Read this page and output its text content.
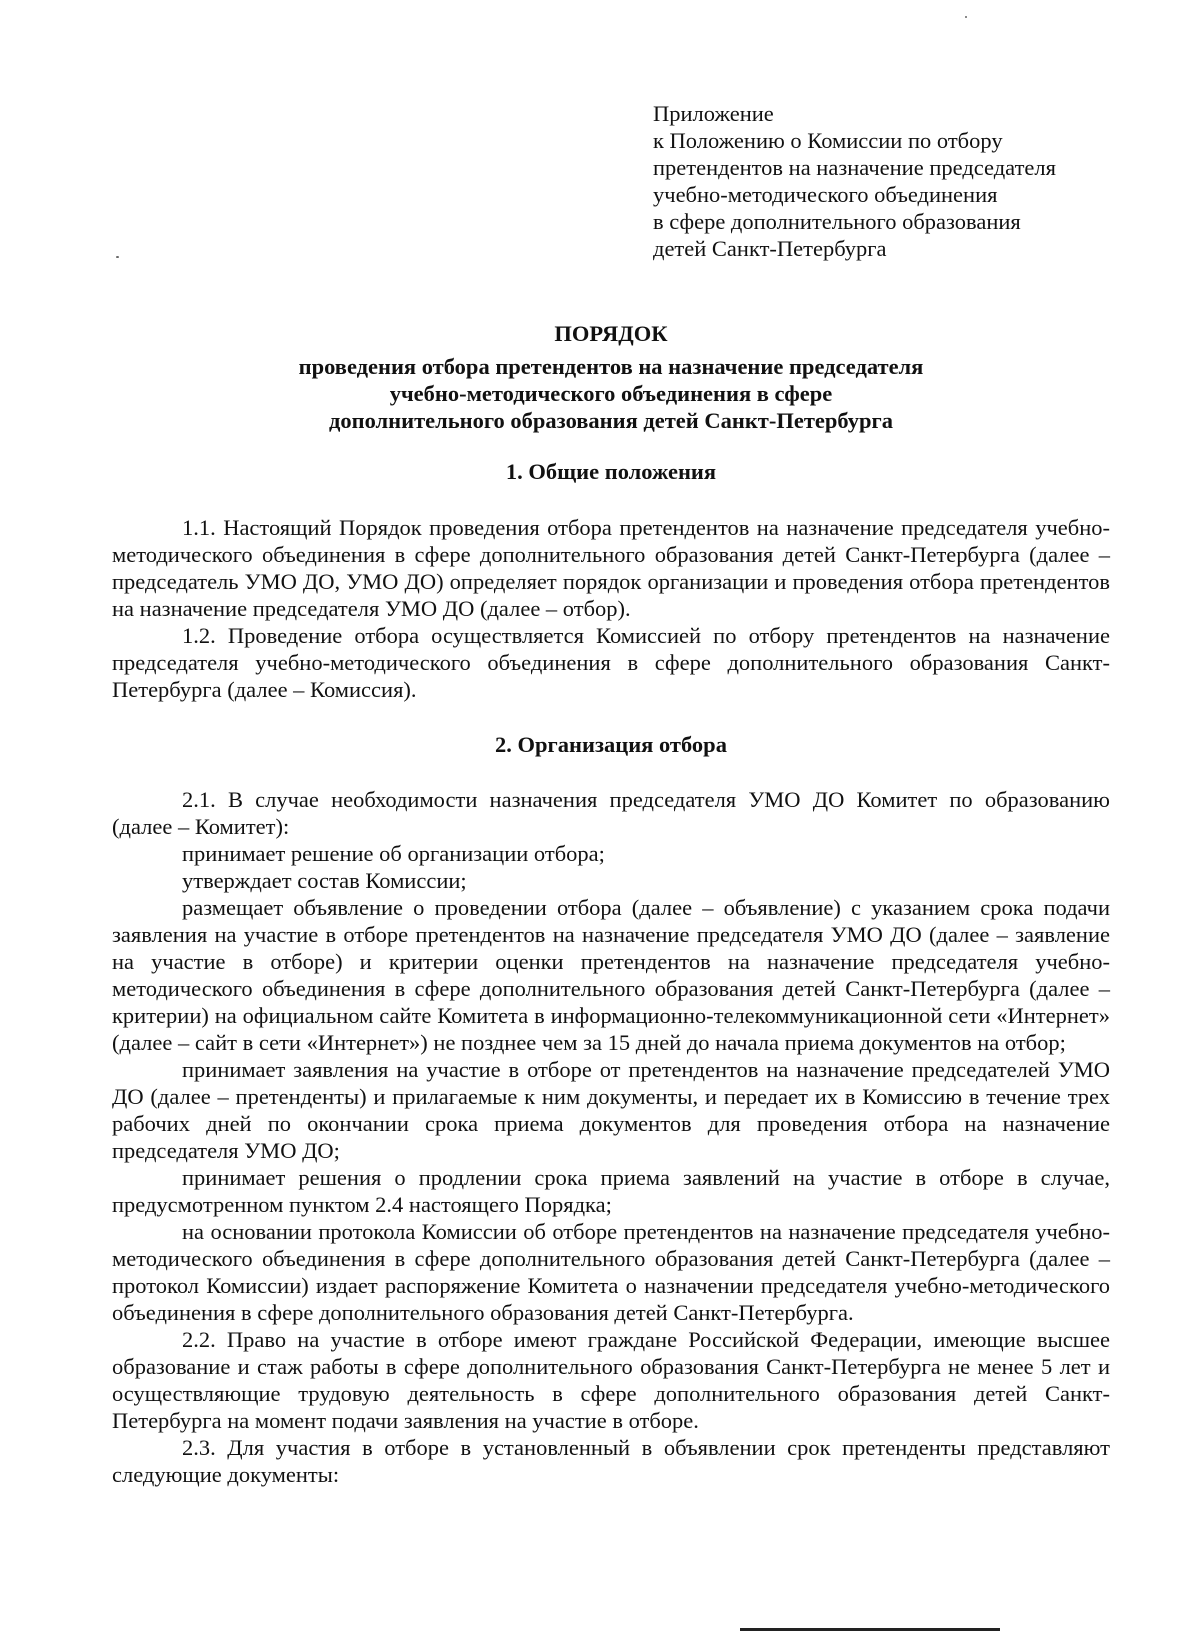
Приложение
к Положению о Комиссии по отбору
претендентов на назначение председателя
учебно-методического объединения
в сфере дополнительного образования
детей Санкт-Петербурга
ПОРЯДОК
проведения отбора претендентов на назначение председателя
учебно-методического объединения в сфере
дополнительного образования детей Санкт-Петербурга
1. Общие положения

1.1. Настоящий Порядок проведения отбора претендентов на назначение председателя учебно-методического объединения в сфере дополнительного образования детей Санкт-Петербурга (далее – председатель УМО ДО, УМО ДО) определяет порядок организации и проведения отбора претендентов на назначение председателя УМО ДО (далее – отбор).

1.2. Проведение отбора осуществляется Комиссией по отбору претендентов на назначение председателя учебно-методического объединения в сфере дополнительного образования Санкт-Петербурга (далее – Комиссия).

2. Организация отбора

2.1. В случае необходимости назначения председателя УМО ДО Комитет по образованию (далее – Комитет):

принимает решение об организации отбора;

утверждает состав Комиссии;

размещает объявление о проведении отбора (далее – объявление) с указанием срока подачи заявления на участие в отборе претендентов на назначение председателя УМО ДО (далее – заявление на участие в отборе) и критерии оценки претендентов на назначение председателя учебно-методического объединения в сфере дополнительного образования детей Санкт-Петербурга (далее – критерии) на официальном сайте Комитета в информационно-телекоммуникационной сети «Интернет» (далее – сайт в сети «Интернет») не позднее чем за 15 дней до начала приема документов на отбор;

принимает заявления на участие в отборе от претендентов на назначение председателей УМО ДО (далее – претенденты) и прилагаемые к ним документы, и передает их в Комиссию в течение трех рабочих дней по окончании срока приема документов для проведения отбора на назначение председателя УМО ДО;

принимает решения о продлении срока приема заявлений на участие в отборе в случае, предусмотренном пунктом 2.4 настоящего Порядка;

на основании протокола Комиссии об отборе претендентов на назначение председателя учебно-методического объединения в сфере дополнительного образования детей Санкт-Петербурга (далее – протокол Комиссии) издает распоряжение Комитета о назначении председателя учебно-методического объединения в сфере дополнительного образования детей Санкт-Петербурга.

2.2. Право на участие в отборе имеют граждане Российской Федерации, имеющие высшее образование и стаж работы в сфере дополнительного образования Санкт-Петербурга не менее 5 лет и осуществляющие трудовую деятельность в сфере дополнительного образования детей Санкт-Петербурга на момент подачи заявления на участие в отборе.

2.3. Для участия в отборе в установленный в объявлении срок претенденты представляют следующие документы:
